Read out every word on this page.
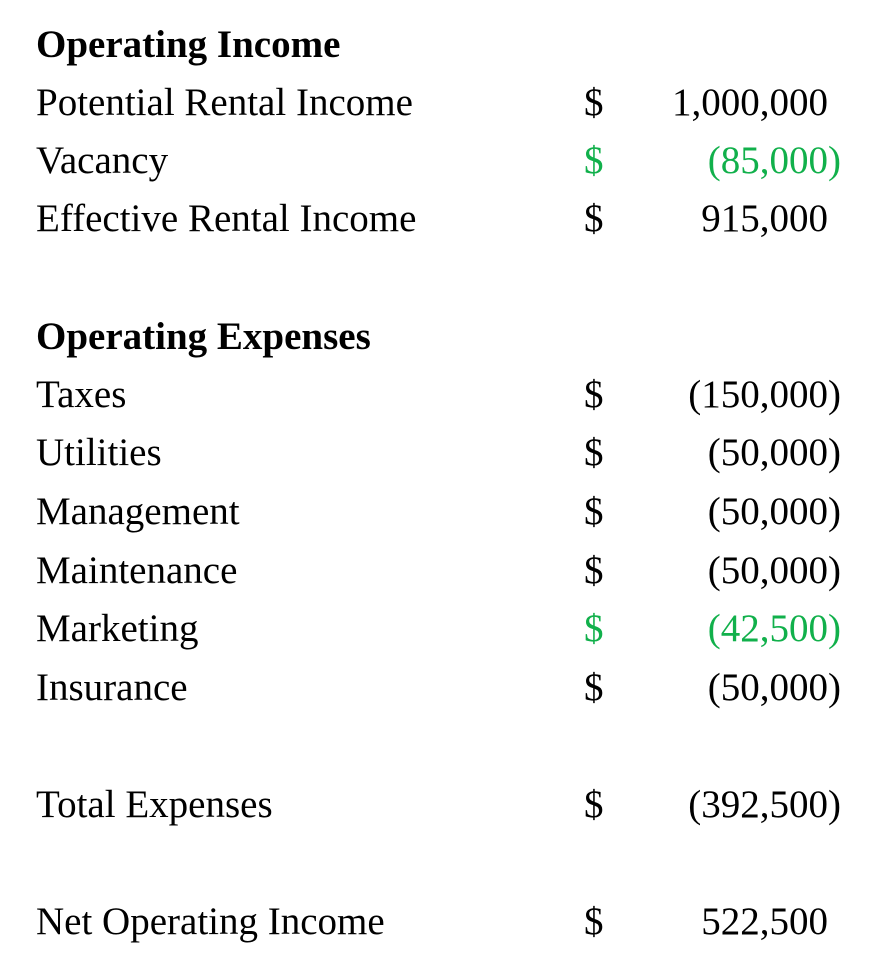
Operating Income
Potential Rental Income	$ 1,000,000
Vacancy	$	(85,000)
Effective Rental Income	$	915,000
Operating Expenses
Taxes	$ (150,000)
Utilities	$	(50,000)
Management	$	(50,000)
Maintenance	$	(50,000)
Marketing	$	(42,500)
Insurance	$	(50,000)
Total Expenses	$ (392,500)
Net Operating Income	$	522,500
